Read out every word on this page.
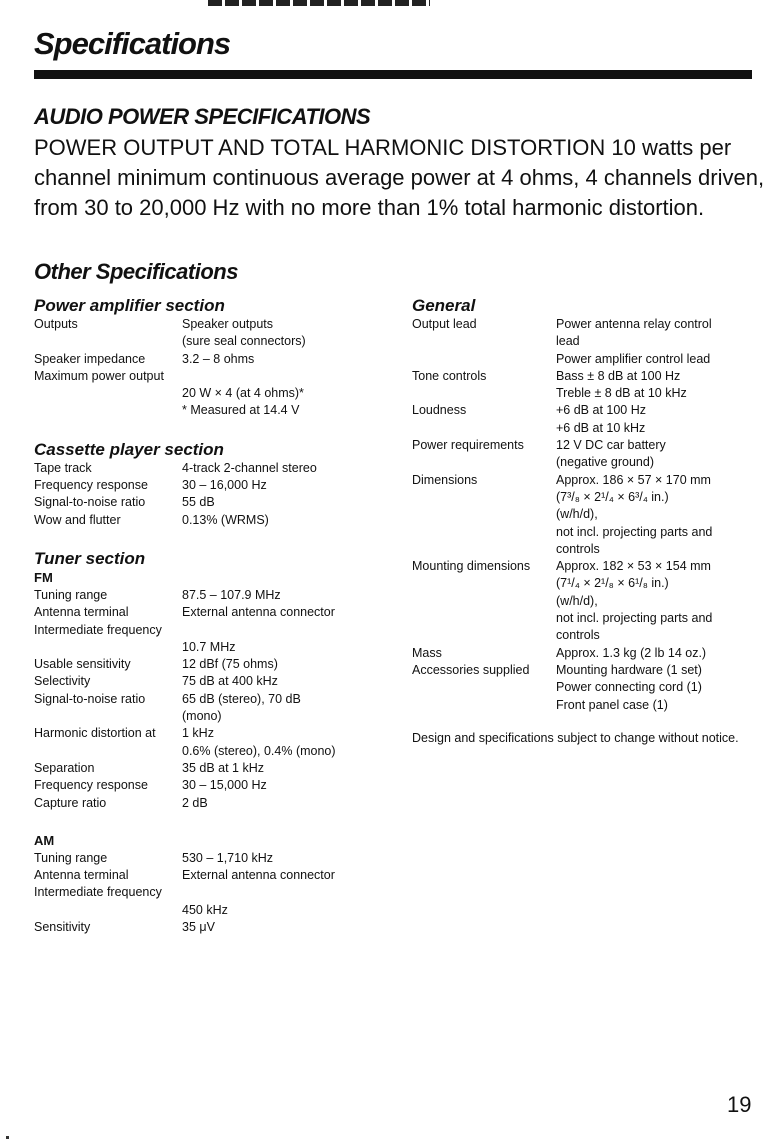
Specifications
AUDIO POWER SPECIFICATIONS

POWER OUTPUT AND TOTAL HARMONIC DISTORTION 10 watts per channel minimum continuous average power at 4 ohms, 4 channels driven, from 30 to 20,000 Hz with no more than 1% total harmonic distortion.

Other Specifications
Power amplifier section
Outputs	Speaker outputs
(sure seal connectors)
Speaker impedance	3.2 – 8 ohms
Maximum power output
20 W × 4 (at 4 ohms)*
* Measured at 14.4 V
Cassette player section
Tape track	4-track 2-channel stereo
Frequency response	30 – 16,000 Hz
Signal-to-noise ratio	55 dB
Wow and flutter	0.13% (WRMS)
Tuner section
FM
Tuning range	87.5 – 107.9 MHz
Antenna terminal	External antenna connector
Intermediate frequency
10.7 MHz
Usable sensitivity	12 dBf (75 ohms)
Selectivity	75 dB at 400 kHz
Signal-to-noise ratio	65 dB (stereo), 70 dB
(mono)
Harmonic distortion at	1 kHz
0.6% (stereo), 0.4% (mono)
Separation	35 dB at 1 kHz
Frequency response	30 – 15,000 Hz
Capture ratio	2 dB
AM
Tuning range	530 – 1,710 kHz
Antenna terminal	External antenna connector
Intermediate frequency
450 kHz
Sensitivity	35 μV
General
Output lead	Power antenna relay control
lead
Power amplifier control lead
Tone controls	Bass ± 8 dB at 100 Hz
Treble ± 8 dB at 10 kHz
Loudness	+6 dB at 100 Hz
+6 dB at 10 kHz
Power requirements	12 V DC car battery
(negative ground)
Dimensions	Approx. 186 × 57 × 170 mm
(7³/₈ × 2¹/₄ × 6³/₄ in.)
(w/h/d),
not incl. projecting parts and
controls
Mounting dimensions	Approx. 182 × 53 × 154 mm
(7¹/₄ × 2¹/₈ × 6¹/₈ in.)
(w/h/d),
not incl. projecting parts and
controls
Mass	Approx. 1.3 kg (2 lb 14 oz.)
Accessories supplied	Mounting hardware (1 set)
Power connecting cord (1)
Front panel case (1)
Design and specifications subject to change without notice.
19
